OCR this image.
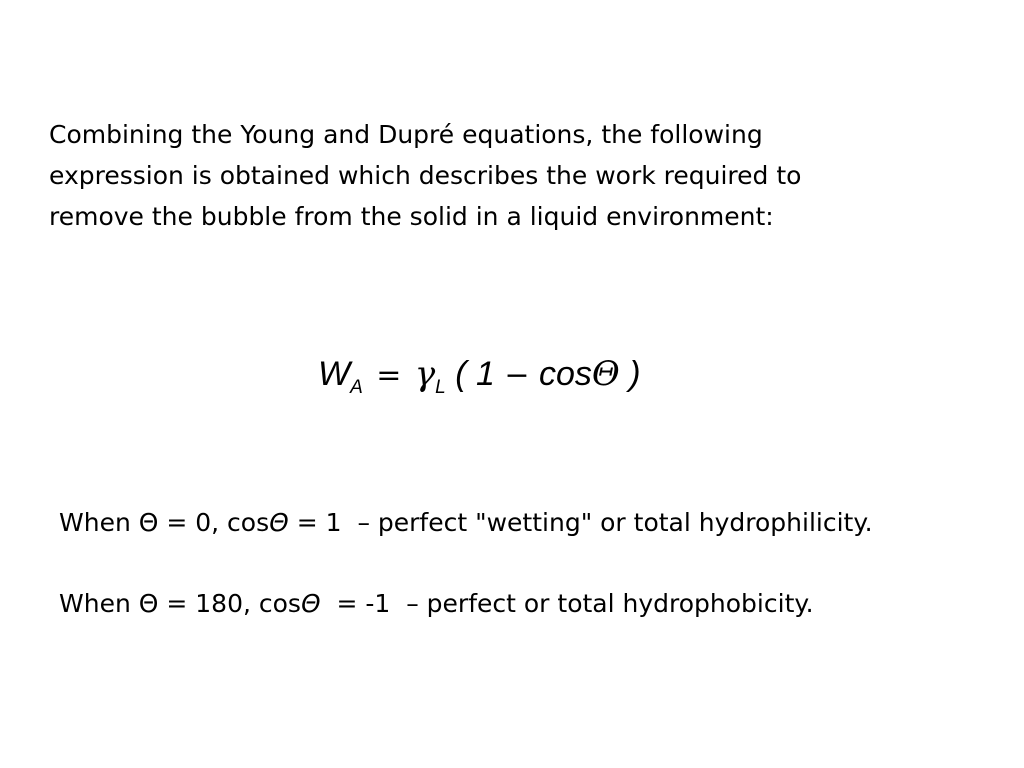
Combining the Young and Dupré equations, the following
expression is obtained which describes the work required to
remove the bubble from the solid in a liquid environment:

$W_A = \gamma_L$ ( 1 − cosΘ )

When Θ = 0, cosΘ = 1  – perfect "wetting" or total hydrophilicity.

When Θ = 180, cosΘ  = -1  – perfect or total hydrophobicity.
